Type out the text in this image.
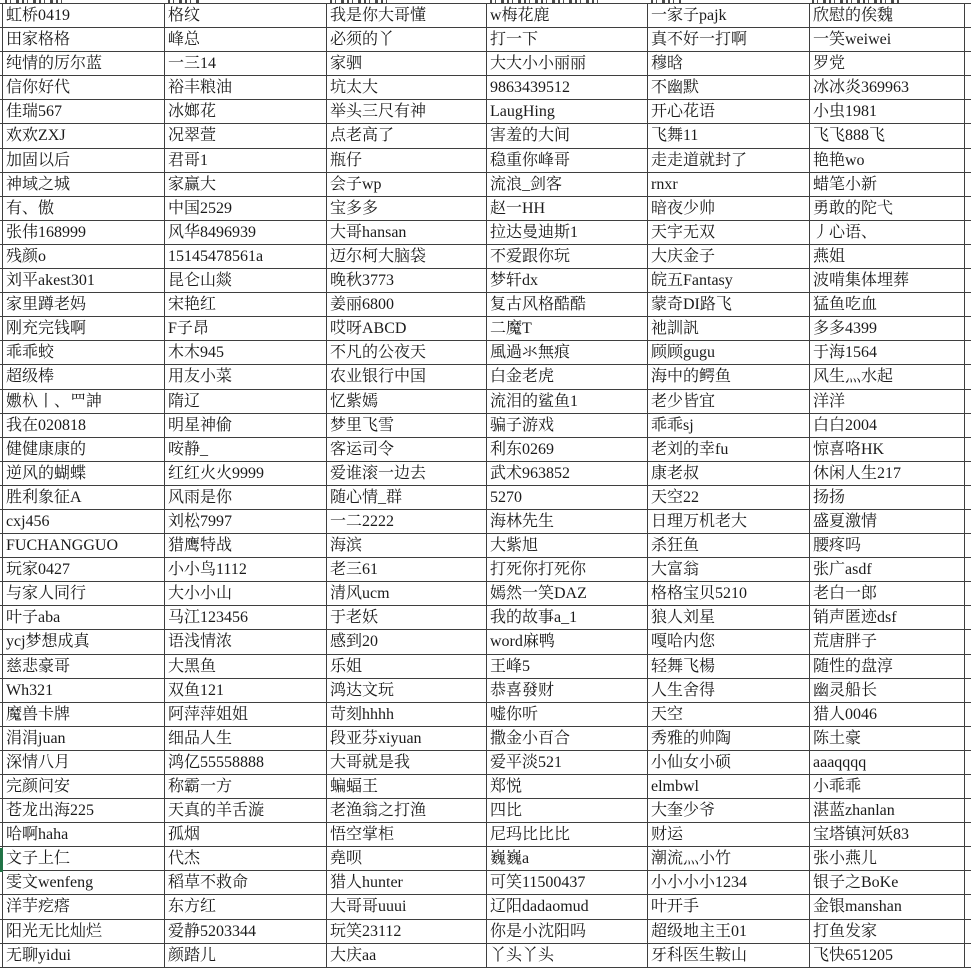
虹桥0419	格纹	我是你大哥懂	w梅花鹿	一家子pajk	欣慰的俟魏
田家格格	峰总	必须的丫	打一下	真不好一打啊	一笑weiwei
纯情的厉尔蓝	一三14	家驷	大大小小丽丽	穆晗	罗党
信你好代	裕丰粮油	坑太大	9863439512	不幽默	冰冰炎369963
佳瑞567	冰嫏花	举头三尺有神	LaugHing	开心花语	小虫1981
欢欢ZXJ	况翠萱	点老高了	害羞的大间	飞舞11	飞飞888飞
加固以后	君哥1	瓶仔	稳重你峰哥	走走道就封了	艳艳wo
神域之城	家赢大	会子wp	流浪_剑客	rnxr	蜡笔小新
有、傲	中国2529	宝多多	赵一HH	暗夜少帅	勇敢的陀弋
张伟168999	风华8496939	大哥hansan	拉达曼迪斯1	天宇无双	丿心语、
残颜o	15145478561a	迈尔柯大脑袋	不爱跟你玩	大庆金子	燕姐
刘平akest301	昆仑山燚	晚秋3773	梦轩dx	皖五Fantasy	波啃集体埋葬
家里蹲老妈	宋艳红	姜丽6800	复古风格酷酷	蒙奇DI路飞	猛鱼吃血
刚充完钱啊	F子昂	哎呀ABCD	二魔T	祂訓訉	多多4399
乖乖蛟	木木945	不凡的公夜天	風過氺無痕	顾顾gugu	于海1564
超级棒	用友小菜	农业银行中国	白金老虎	海中的鳄鱼	风生灬水起
嫐杁丨、罒訷	隋辽	忆紫嫣	流泪的鲨鱼1	老少皆宜	洋洋
我在020818	明星神偷	梦里飞雪	骗子游戏	乖乖sj	白白2004
健健康康的	咹静_	客运司令	利东0269	老刘的幸fu	惊喜咯HK
逆风的蝴蝶	红红火火9999	爱谁滚一边去	武术963852	康老叔	休闲人生217
胜利象征A	风雨是你	随心情_群	5270	天空22	扬扬
cxj456	刘松7997	一二2222	海林先生	日理万机老大	盛夏激情
FUCHANGGUO	猎鹰特战	海滨	大紫旭	杀狂鱼	腰疼吗
玩家0427	小小鸟1112	老三61	打死你打死你	大富翁	张广asdf
与家人同行	大小小山	清风ucm	嫣然一笑DAZ	格格宝贝5210	老白一郎
叶子aba	马江123456	于老妖	我的故事a_1	狼人刘星	销声匿迹dsf
ycj梦想成真	语浅情浓	感到20	word麻鸭	嘎哈内您	荒唐胖子
慈悲豪哥	大黑鱼	乐姐	王峰5	轻舞飞楊	随性的盘淳
Wh321	双鱼121	鸿达文玩	恭喜發财	人生舍得	幽灵船长
魔兽卡牌	阿萍萍姐姐	苛刻hhhh	嘘你听	天空	猎人0046
涓涓juan	细品人生	段亚芬xiyuan	撒金小百合	秀雅的帅陶	陈土豪
深情八月	鸿亿55558888	大哥就是我	爱平淡521	小仙女小硕	aaaqqqq
完颜问安	称霸一方	蝙蝠王	郑悦	elmbwl	小乖乖
苍龙出海225	天真的羊舌漩	老渔翁之打渔	四比	大奎少爷	湛蓝zhanlan
哈啊haha	孤烟	悟空掌柜	尼玛比比比	财运	宝塔镇河妖83
文子上仁	代杰	堯呗	巍巍a	潮流灬小竹	张小燕儿
雯文wenfeng	稻草不救命	猎人hunter	可笑11500437	小小小小1234	银子之BoKe
洋芋疙瘩	东方红	大哥哥uuui	辽阳dadaomud	叶开手	金银manshan
阳光无比灿烂	爱静5203344	玩笑23112	你是小沈阳吗	超级地主王01	打鱼发家
无聊yidui	颜踏儿	大庆aa	丫头丫头	牙科医生鞍山	飞快651205
